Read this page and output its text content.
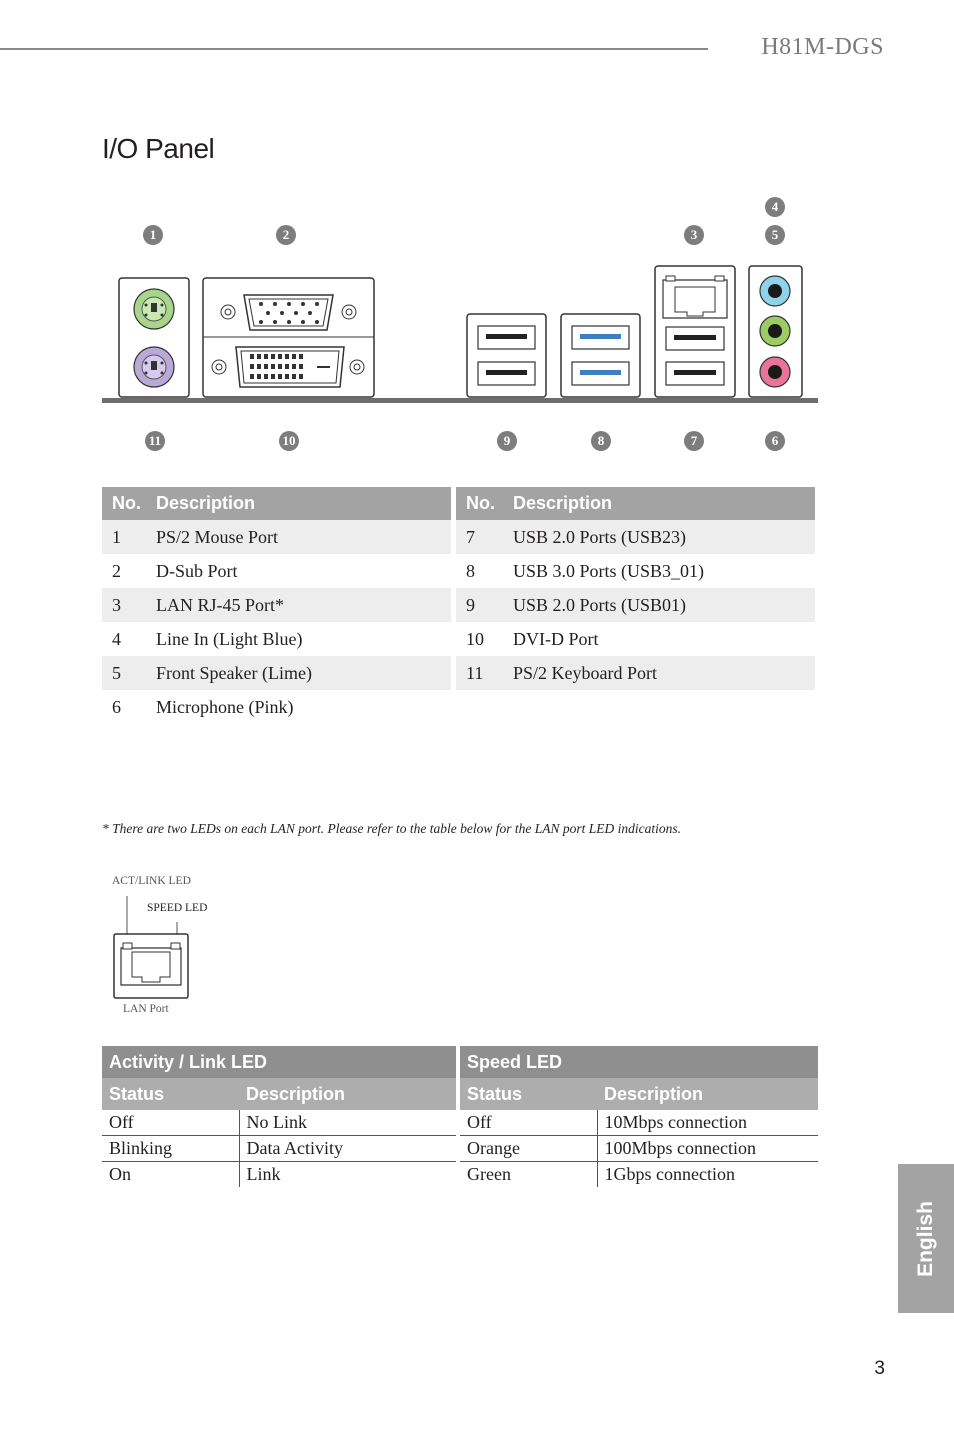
H81M-DGS
I/O Panel
1	2	3
4
5
11	10	9	8	7	6
No.	Description
1	PS/2 Mouse Port
2	D-Sub Port
3	LAN RJ-45 Port*
4	Line In (Light Blue)
5	Front Speaker (Lime)
6	Microphone (Pink)
No.	Description
7	USB 2.0 Ports (USB23)
8	USB 3.0 Ports (USB3_01)
9	USB 2.0 Ports (USB01)
10	DVI-D Port
11	PS/2 Keyboard Port
* There are two LEDs on each LAN port. Please refer to the table below for the LAN port LED indications.
ACT/LINK LED
SPEED LED
LAN Port
Activity / Link LED	
Status	Description
Off	No Link
Blinking	Data Activity
On	Link
Speed LED	
Status	Description
Off	10Mbps connection
Orange	100Mbps connection
Green	1Gbps connection
English
3
